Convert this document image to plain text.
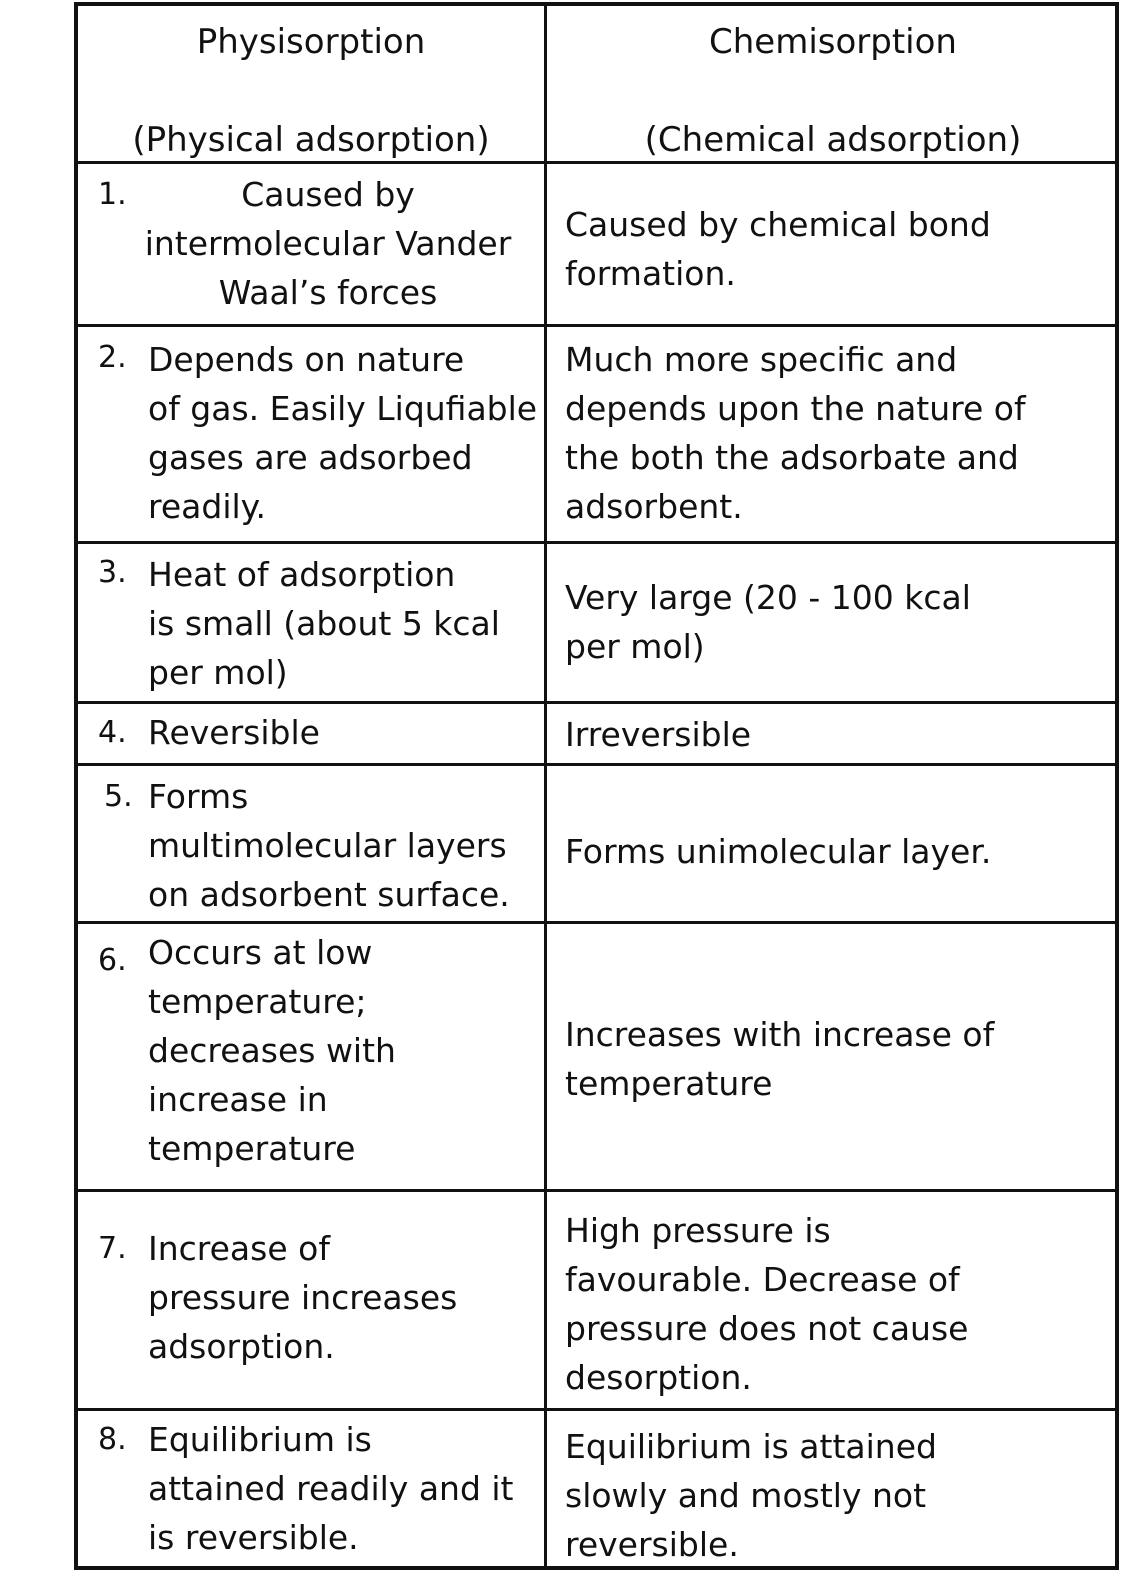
Physisorption
(Physical adsorption)
Chemisorption
(Chemical adsorption)
1.	Caused by
intermolecular Vander
Waal’s forces
Caused by chemical bond
formation.
2. Depends on nature
of gas. Easily Liqufiable
gases are adsorbed
readily.
Much more specific and
depends upon the nature of
the both the adsorbate and
adsorbent.
3. Heat of adsorption
is small (about 5 kcal
per mol)
Very large (20 - 100 kcal
per mol)
4. Reversible	Irreversible
5. Forms
multimolecular layers
on adsorbent surface.
Forms unimolecular layer.
6. Occurs at low
temperature;
decreases with
increase in
temperature
Increases with increase of
temperature
7. Increase of
pressure increases
adsorption.
High pressure is
favourable. Decrease of
pressure does not cause
desorption.
8. Equilibrium is
attained readily and it
is reversible.
Equilibrium is attained
slowly and mostly not
reversible.
